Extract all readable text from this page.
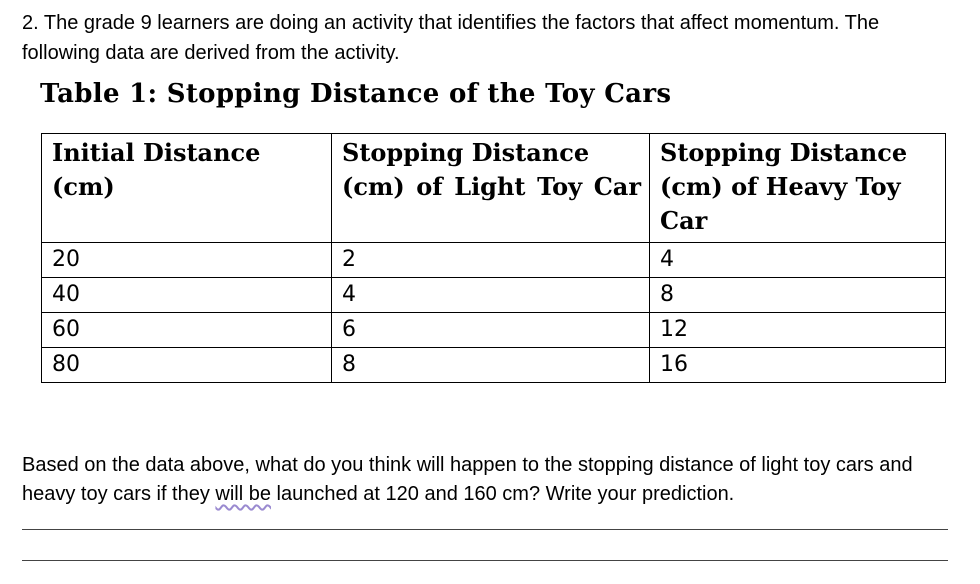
2. The grade 9 learners are doing an activity that identifies the factors that affect momentum. The following data are derived from the activity.
Table 1: Stopping Distance of the Toy Cars
Initial Distance (cm)	Stopping Distance (cm) of Light Toy Car	Stopping Distance (cm) of Heavy Toy Car
20	2	4
40	4	8
60	6	12
80	8	16
Based on the data above, what do you think will happen to the stopping distance of light toy cars and heavy toy cars if they will be launched at 120 and 160 cm? Write your prediction.
